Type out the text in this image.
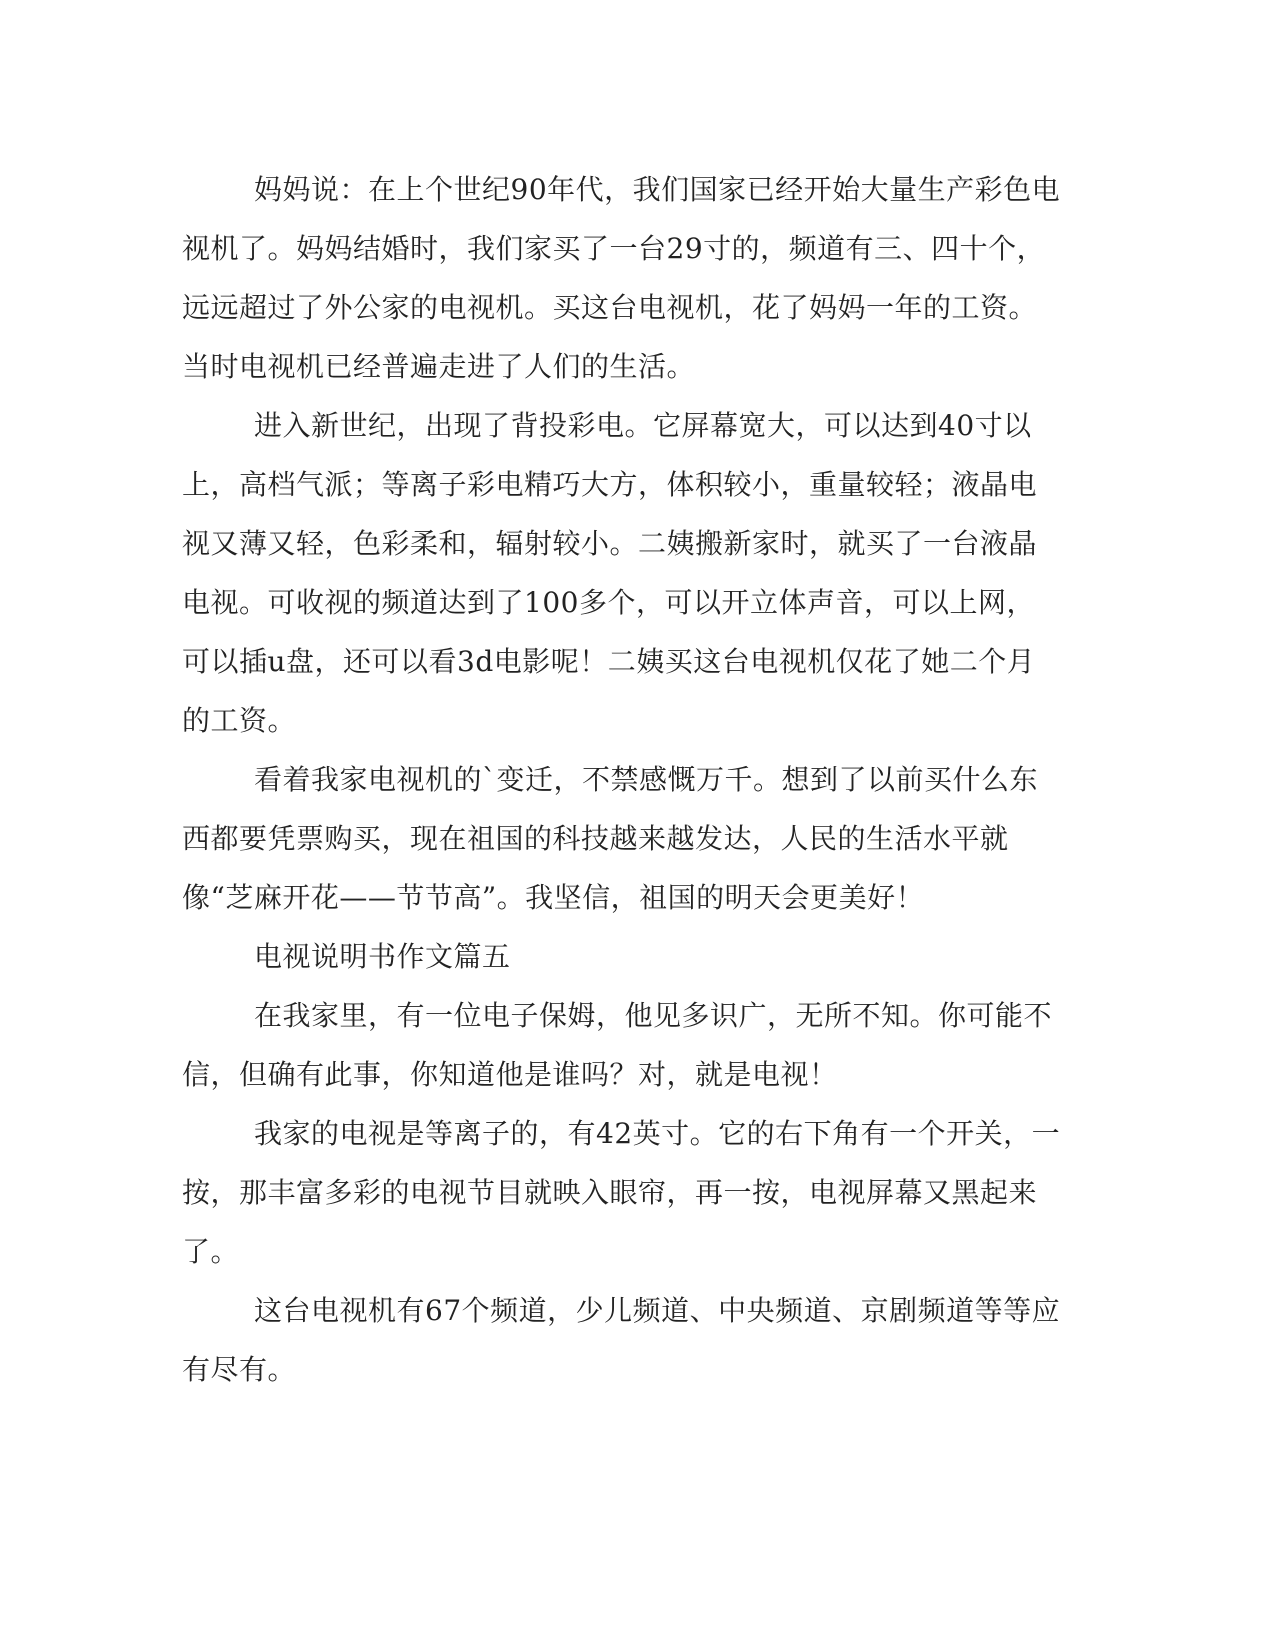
妈妈说：在上个世纪90年代，我们国家已经开始大量生产彩色电视机了。妈妈结婚时，我们家买了一台29寸的，频道有三、四十个，远远超过了外公家的电视机。买这台电视机，花了妈妈一年的工资。当时电视机已经普遍走进了人们的生活。

进入新世纪，出现了背投彩电。它屏幕宽大，可以达到40寸以上，高档气派；等离子彩电精巧大方，体积较小，重量较轻；液晶电视又薄又轻，色彩柔和，辐射较小。二姨搬新家时，就买了一台液晶电视。可收视的频道达到了100多个，可以开立体声音，可以上网，可以插u盘，还可以看3d电影呢！二姨买这台电视机仅花了她二个月的工资。

看着我家电视机的`变迁，不禁感慨万千。想到了以前买什么东西都要凭票购买，现在祖国的科技越来越发达，人民的生活水平就像“芝麻开花——节节高”。我坚信，祖国的明天会更美好！

电视说明书作文篇五

在我家里，有一位电子保姆，他见多识广，无所不知。你可能不信，但确有此事，你知道他是谁吗？对，就是电视！

我家的电视是等离子的，有42英寸。它的右下角有一个开关，一按，那丰富多彩的电视节目就映入眼帘，再一按，电视屏幕又黑起来了。

这台电视机有67个频道，少儿频道、中央频道、京剧频道等等应有尽有。
